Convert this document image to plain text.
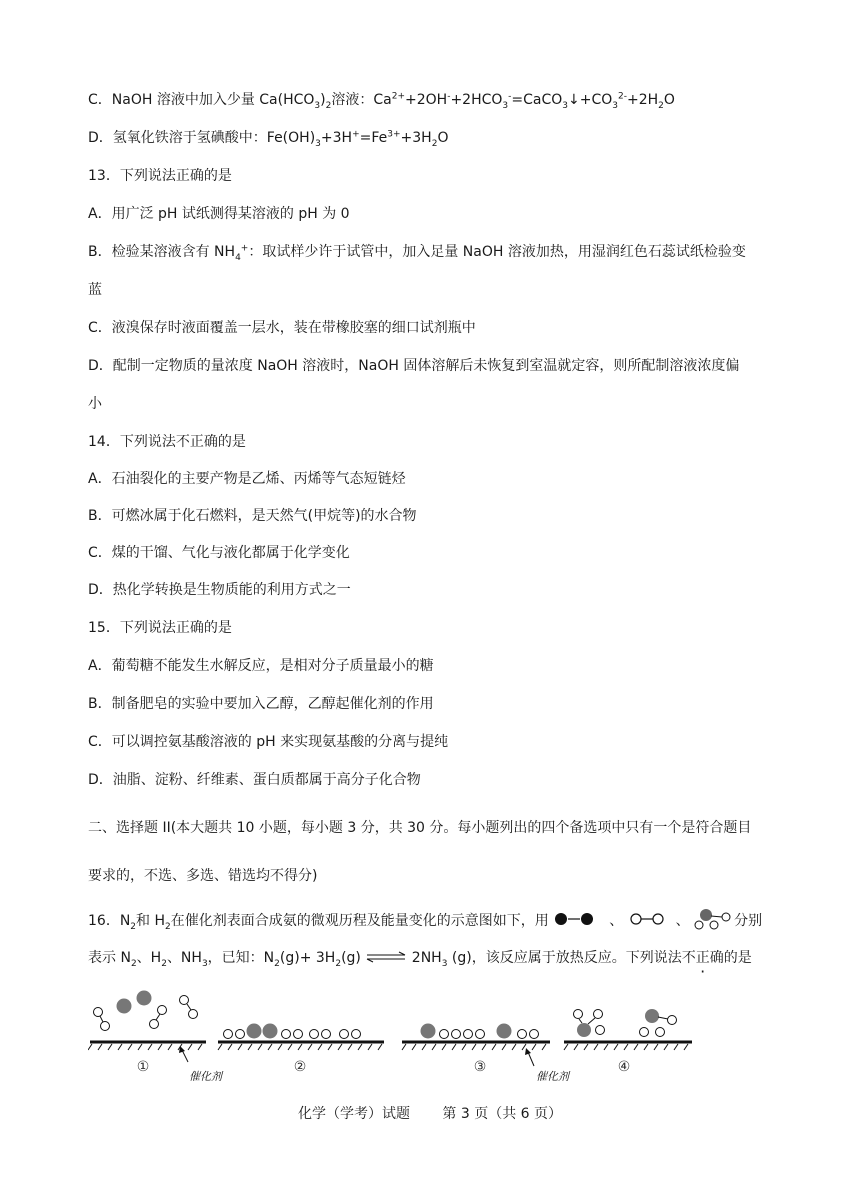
C．NaOH 溶液中加入少量 $Ca(HCO_3)_2$溶液：$Ca^{2+}+2OH^-+2HCO_3^-=CaCO_3↓+CO_3^{2-}+2H_2O$
D．氢氧化铁溶于氢碘酸中：$Fe(OH)_3+3H^+=Fe^{3+}+3H_2O$
13．下列说法正确的是
A．用广泛 pH 试纸测得某溶液的 pH 为 0
B．检验某溶液含有 $NH_4^+$：取试样少许于试管中，加入足量 NaOH 溶液加热，用湿润红色石蕊试纸检验变
蓝
C．液溴保存时液面覆盖一层水，装在带橡胶塞的细口试剂瓶中
D．配制一定物质的量浓度 NaOH 溶液时，NaOH 固体溶解后未恢复到室温就定容，则所配制溶液浓度偏
小
14．下列说法不正确的是
A．石油裂化的主要产物是乙烯、丙烯等气态短链烃
B．可燃冰属于化石燃料，是天然气(甲烷等)的水合物
C．煤的干馏、气化与液化都属于化学变化
D．热化学转换是生物质能的利用方式之一
15．下列说法正确的是
A．葡萄糖不能发生水解反应，是相对分子质量最小的糖
B．制备肥皂的实验中要加入乙醇，乙醇起催化剂的作用
C．可以调控氨基酸溶液的 pH 来实现氨基酸的分离与提纯
D．油脂、淀粉、纤维素、蛋白质都属于高分子化合物
二、选择题 II(本大题共 10 小题，每小题 3 分，共 30 分。每小题列出的四个备选项中只有一个是符合题目
要求的，不选、多选、错选均不得分)
16．$N_2$和 $H_2$在催化剂表面合成氨的微观历程及能量变化的示意图如下，用	、	、	分别
表示 $N_2$、$H_2$、$NH_3$，已知：$N_2(g)+ 3H_2(g)$ ⇌ $2NH_3$ (g)，该反应属于放热反应。下列说法不正确的是
①
催化剂
②	③
催化剂
④
化学（学考）试题 第 3 页（共 6 页）
